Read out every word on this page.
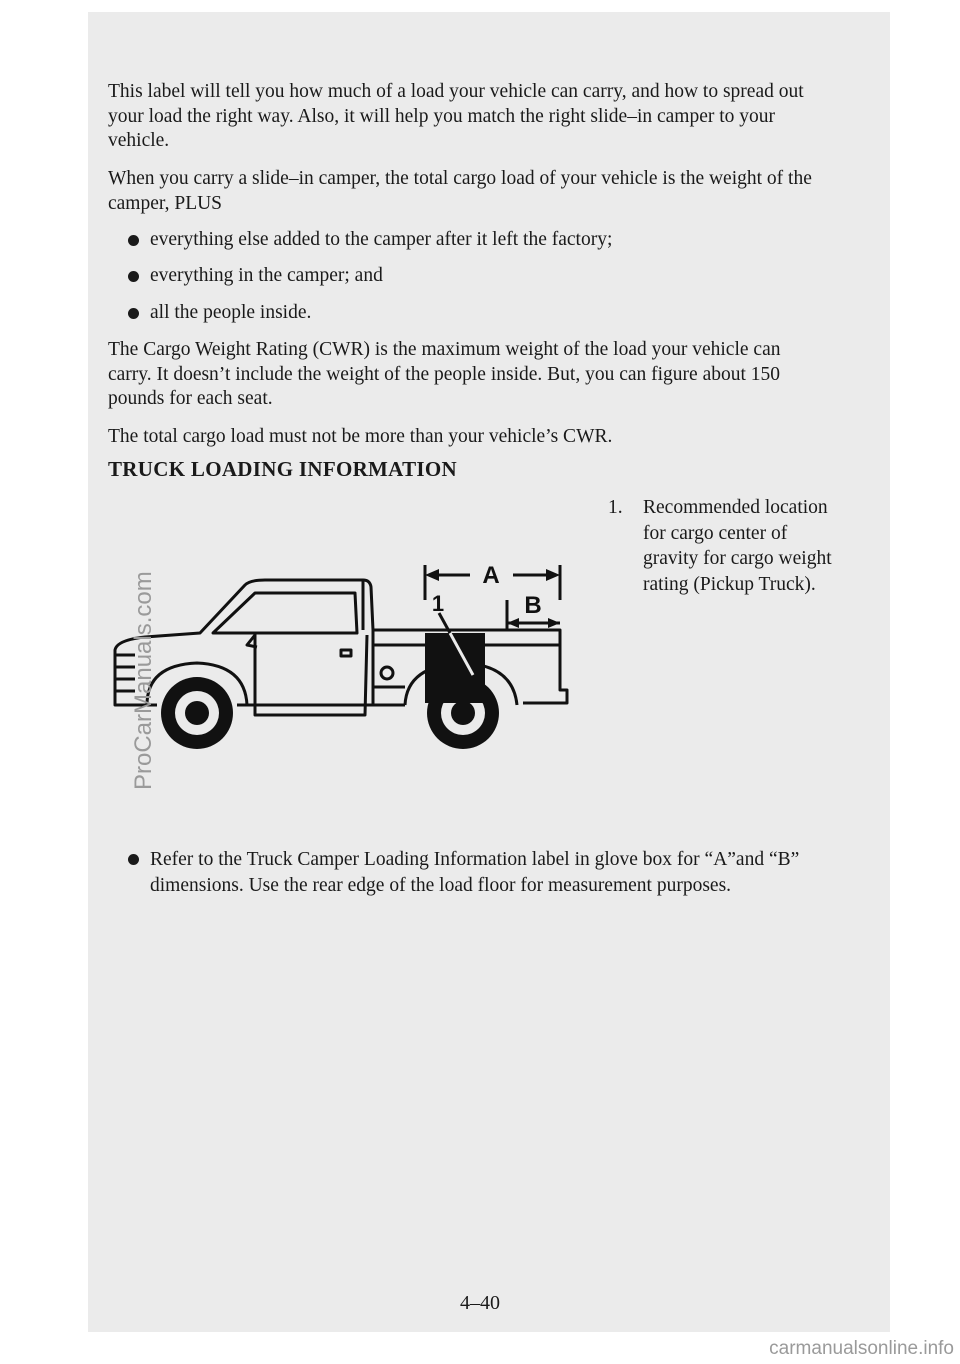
This label will tell you how much of a load your vehicle can carry, and how to spread out your load the right way. Also, it will help you match the right slide–in camper to your vehicle.
When you carry a slide–in camper, the total cargo load of your vehicle is the weight of the camper, PLUS
everything else added to the camper after it left the factory;
everything in the camper; and
all the people inside.
The Cargo Weight Rating (CWR) is the maximum weight of the load your vehicle can carry. It doesn’t include the weight of the people inside. But, you can figure about 150 pounds for each seat.
The total cargo load must not be more than your vehicle’s CWR.
TRUCK LOADING INFORMATION
1. Recommended location for cargo center of gravity for cargo weight rating (Pickup Truck).
A
B
1
Refer to the Truck Camper Loading Information label in glove box for “A”and “B” dimensions. Use the rear edge of the load floor for measurement purposes.
4–40
ProCarManuals.com
carmanualsonline.info
